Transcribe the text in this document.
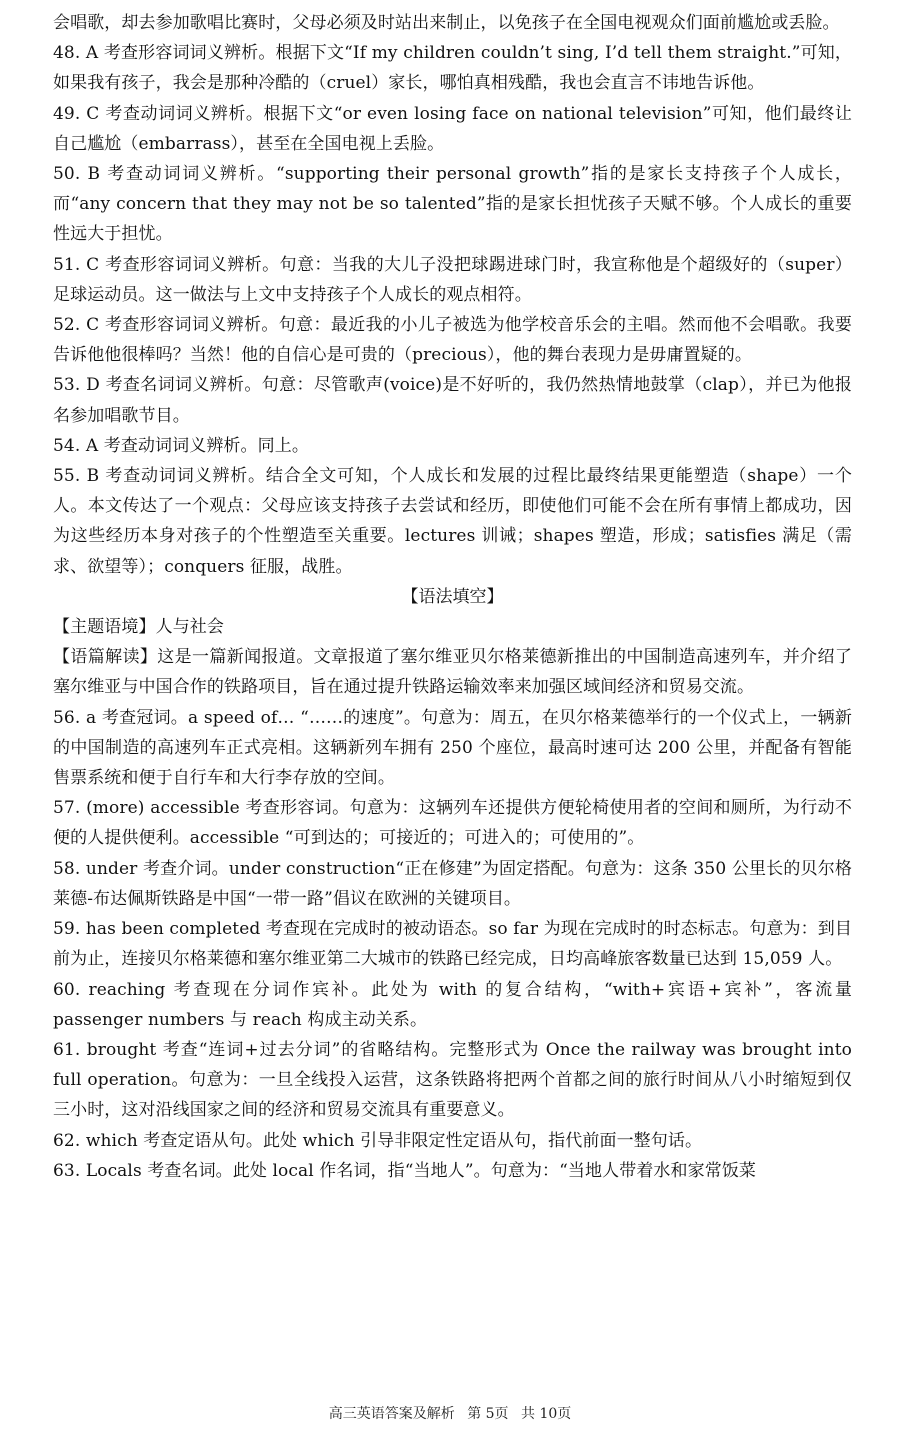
会唱歌，却去参加歌唱比赛时，父母必须及时站出来制止，以免孩子在全国电视观众们面前尴尬或丢脸。

48. A 考查形容词词义辨析。根据下文“If my children couldn’t sing, I’d tell them straight.”可知，如果我有孩子，我会是那种冷酷的（cruel）家长，哪怕真相残酷，我也会直言不讳地告诉他。

49. C 考查动词词义辨析。根据下文“or even losing face on national television”可知，他们最终让自己尴尬（embarrass），甚至在全国电视上丢脸。

50. B 考查动词词义辨析。“supporting their personal growth”指的是家长支持孩子个人成长，而“any concern that they may not be so talented”指的是家长担忧孩子天赋不够。个人成长的重要性远大于担忧。

51. C 考查形容词词义辨析。句意：当我的大儿子没把球踢进球门时，我宣称他是个超级好的（super）足球运动员。这一做法与上文中支持孩子个人成长的观点相符。

52. C 考查形容词词义辨析。句意：最近我的小儿子被选为他学校音乐会的主唱。然而他不会唱歌。我要告诉他他很棒吗？当然！他的自信心是可贵的（precious），他的舞台表现力是毋庸置疑的。

53. D 考查名词词义辨析。句意：尽管歌声(voice)是不好听的，我仍然热情地鼓掌（clap），并已为他报名参加唱歌节目。

54. A 考查动词词义辨析。同上。

55. B 考查动词词义辨析。结合全文可知，个人成长和发展的过程比最终结果更能塑造（shape）一个人。本文传达了一个观点：父母应该支持孩子去尝试和经历，即使他们可能不会在所有事情上都成功，因为这些经历本身对孩子的个性塑造至关重要。lectures 训诫；shapes 塑造，形成；satisfies 满足（需求、欲望等）；conquers 征服，战胜。

【语法填空】

【主题语境】人与社会

【语篇解读】这是一篇新闻报道。文章报道了塞尔维亚贝尔格莱德新推出的中国制造高速列车，并介绍了塞尔维亚与中国合作的铁路项目，旨在通过提升铁路运输效率来加强区域间经济和贸易交流。

56. a 考查冠词。a speed of… “……的速度”。句意为：周五，在贝尔格莱德举行的一个仪式上，一辆新的中国制造的高速列车正式亮相。这辆新列车拥有 250 个座位，最高时速可达 200 公里，并配备有智能售票系统和便于自行车和大行李存放的空间。

57. (more) accessible 考查形容词。句意为：这辆列车还提供方便轮椅使用者的空间和厕所，为行动不便的人提供便利。accessible “可到达的；可接近的；可进入的；可使用的”。

58. under 考查介词。under construction“正在修建”为固定搭配。句意为：这条 350 公里长的贝尔格莱德-布达佩斯铁路是中国“一带一路”倡议在欧洲的关键项目。

59. has been completed 考查现在完成时的被动语态。so far 为现在完成时的时态标志。句意为：到目前为止，连接贝尔格莱德和塞尔维亚第二大城市的铁路已经完成，日均高峰旅客数量已达到 15,059 人。

60. reaching 考查现在分词作宾补。此处为 with 的复合结构，“with+宾语+宾补”，客流量 passenger numbers 与 reach 构成主动关系。

61. brought 考查“连词+过去分词”的省略结构。完整形式为 Once the railway was brought into full operation。句意为：一旦全线投入运营，这条铁路将把两个首都之间的旅行时间从八小时缩短到仅三小时，这对沿线国家之间的经济和贸易交流具有重要意义。

62. which 考查定语从句。此处 which 引导非限定性定语从句，指代前面一整句话。

63. Locals 考查名词。此处 local 作名词，指“当地人”。句意为：“当地人带着水和家常饭菜

高三英语答案及解析 第 5页 共 10页
